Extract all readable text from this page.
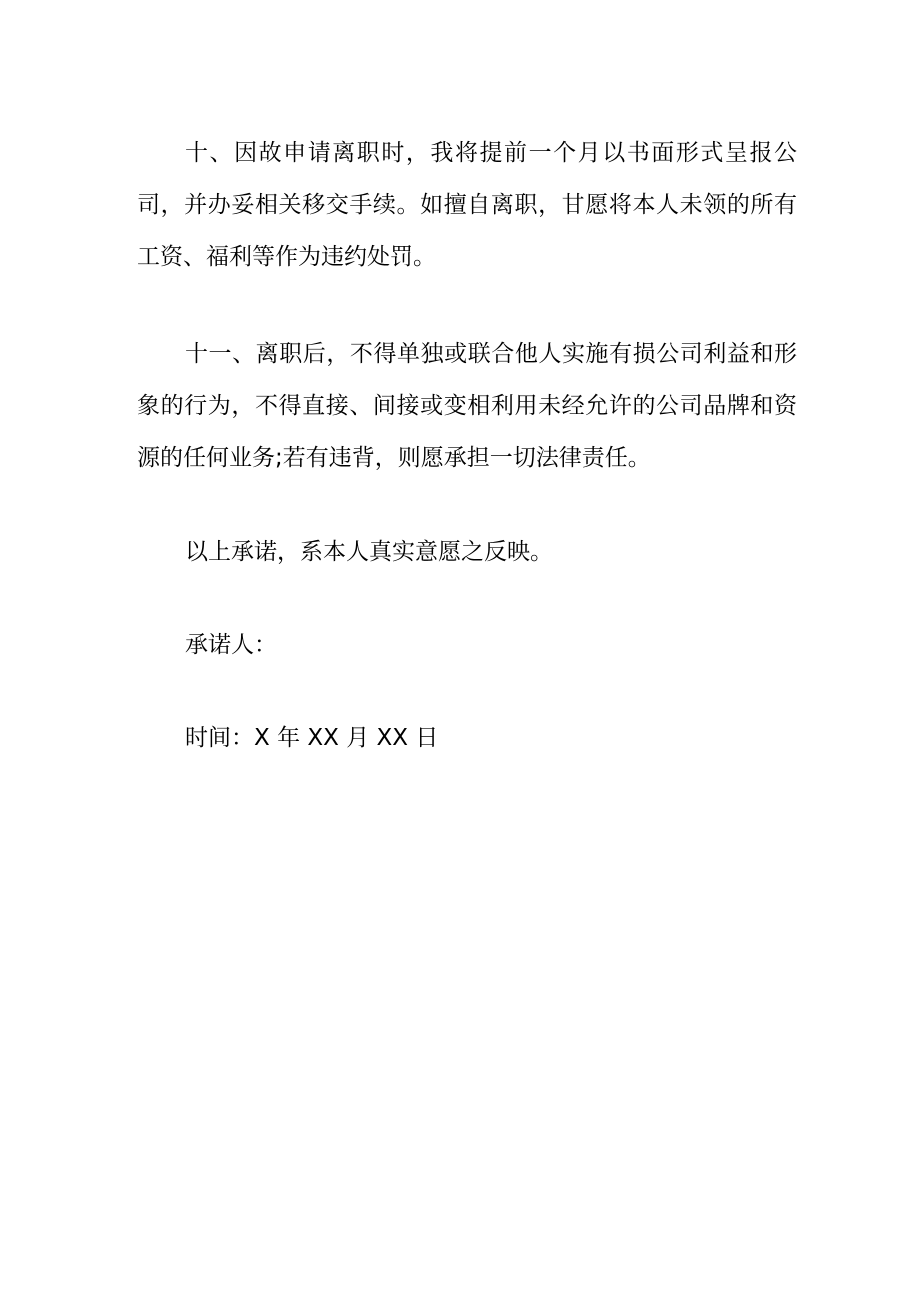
十、因故申请离职时，我将提前一个月以书面形式呈报公司，并办妥相关移交手续。如擅自离职，甘愿将本人未领的所有工资、福利等作为违约处罚。

十一、离职后，不得单独或联合他人实施有损公司利益和形象的行为，不得直接、间接或变相利用未经允许的公司品牌和资源的任何业务;若有违背，则愿承担一切法律责任。

以上承诺，系本人真实意愿之反映。

承诺人：

时间：X 年 XX 月 XX 日
